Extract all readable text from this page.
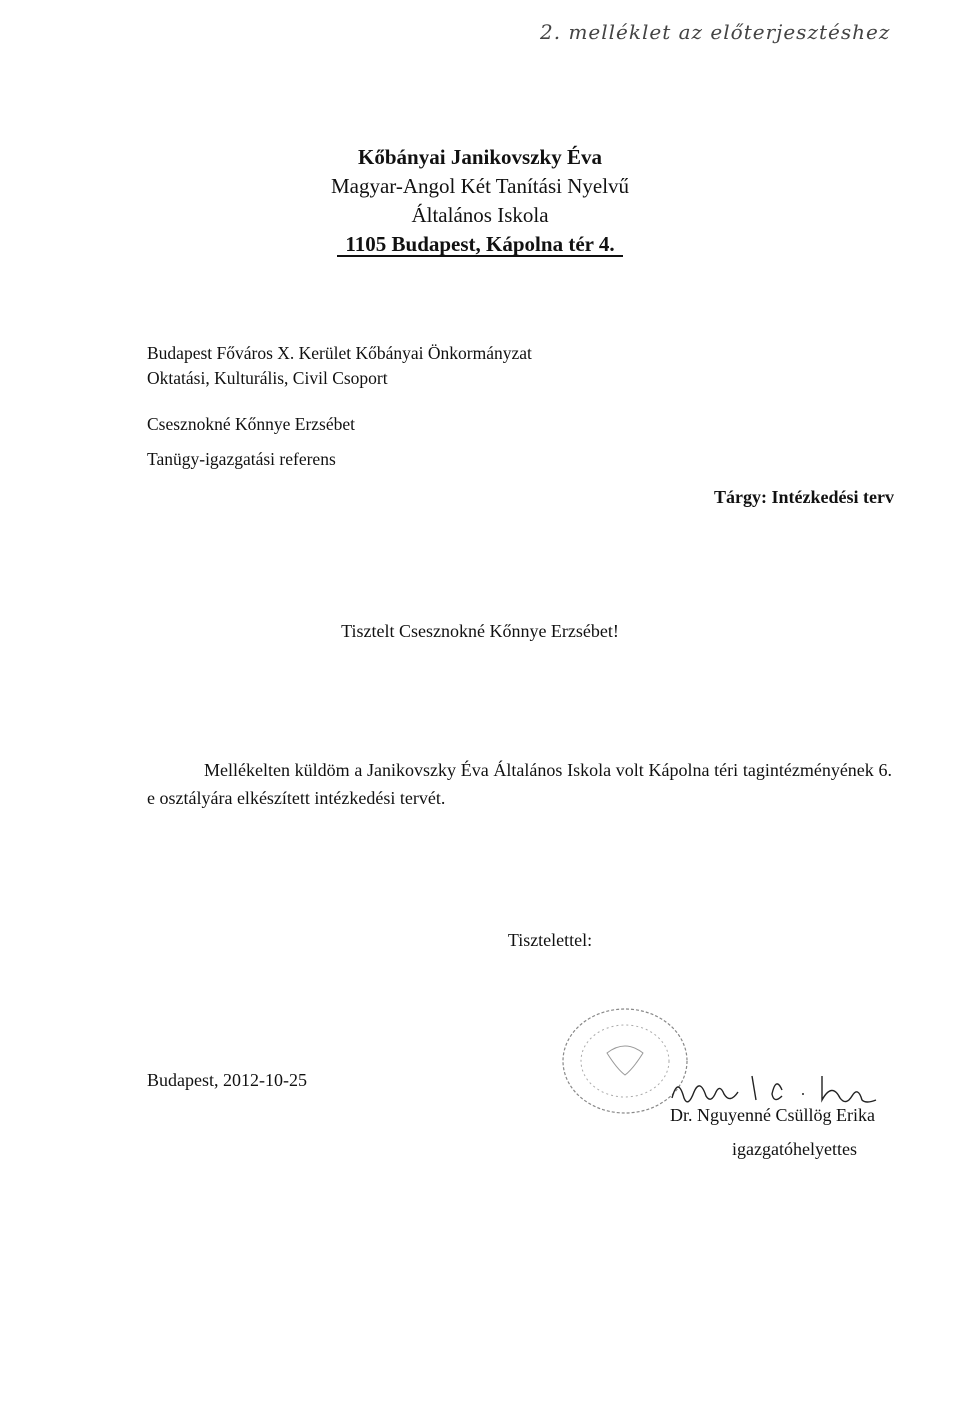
2. melléklet az előterjesztéshez
Kőbányai Janikovszky Éva
Magyar-Angol Két Tanítási Nyelvű
Általános Iskola
1105 Budapest, Kápolna tér 4.
Budapest Főváros X. Kerület Kőbányai Önkormányzat
Oktatási, Kulturális, Civil Csoport
Csesznokné Kőnnye Erzsébet
Tanügy-igazgatási referens
Tárgy: Intézkedési terv
Tisztelt Csesznokné Kőnnye Erzsébet!
Mellékelten küldöm a Janikovszky Éva Általános Iskola volt Kápolna téri tagintézményének 6. e osztályára elkészített intézkedési tervét.
Tisztelettel:
Budapest, 2012-10-25
Dr. Nguyenné Csüllög Erika
igazgatóhelyettes
